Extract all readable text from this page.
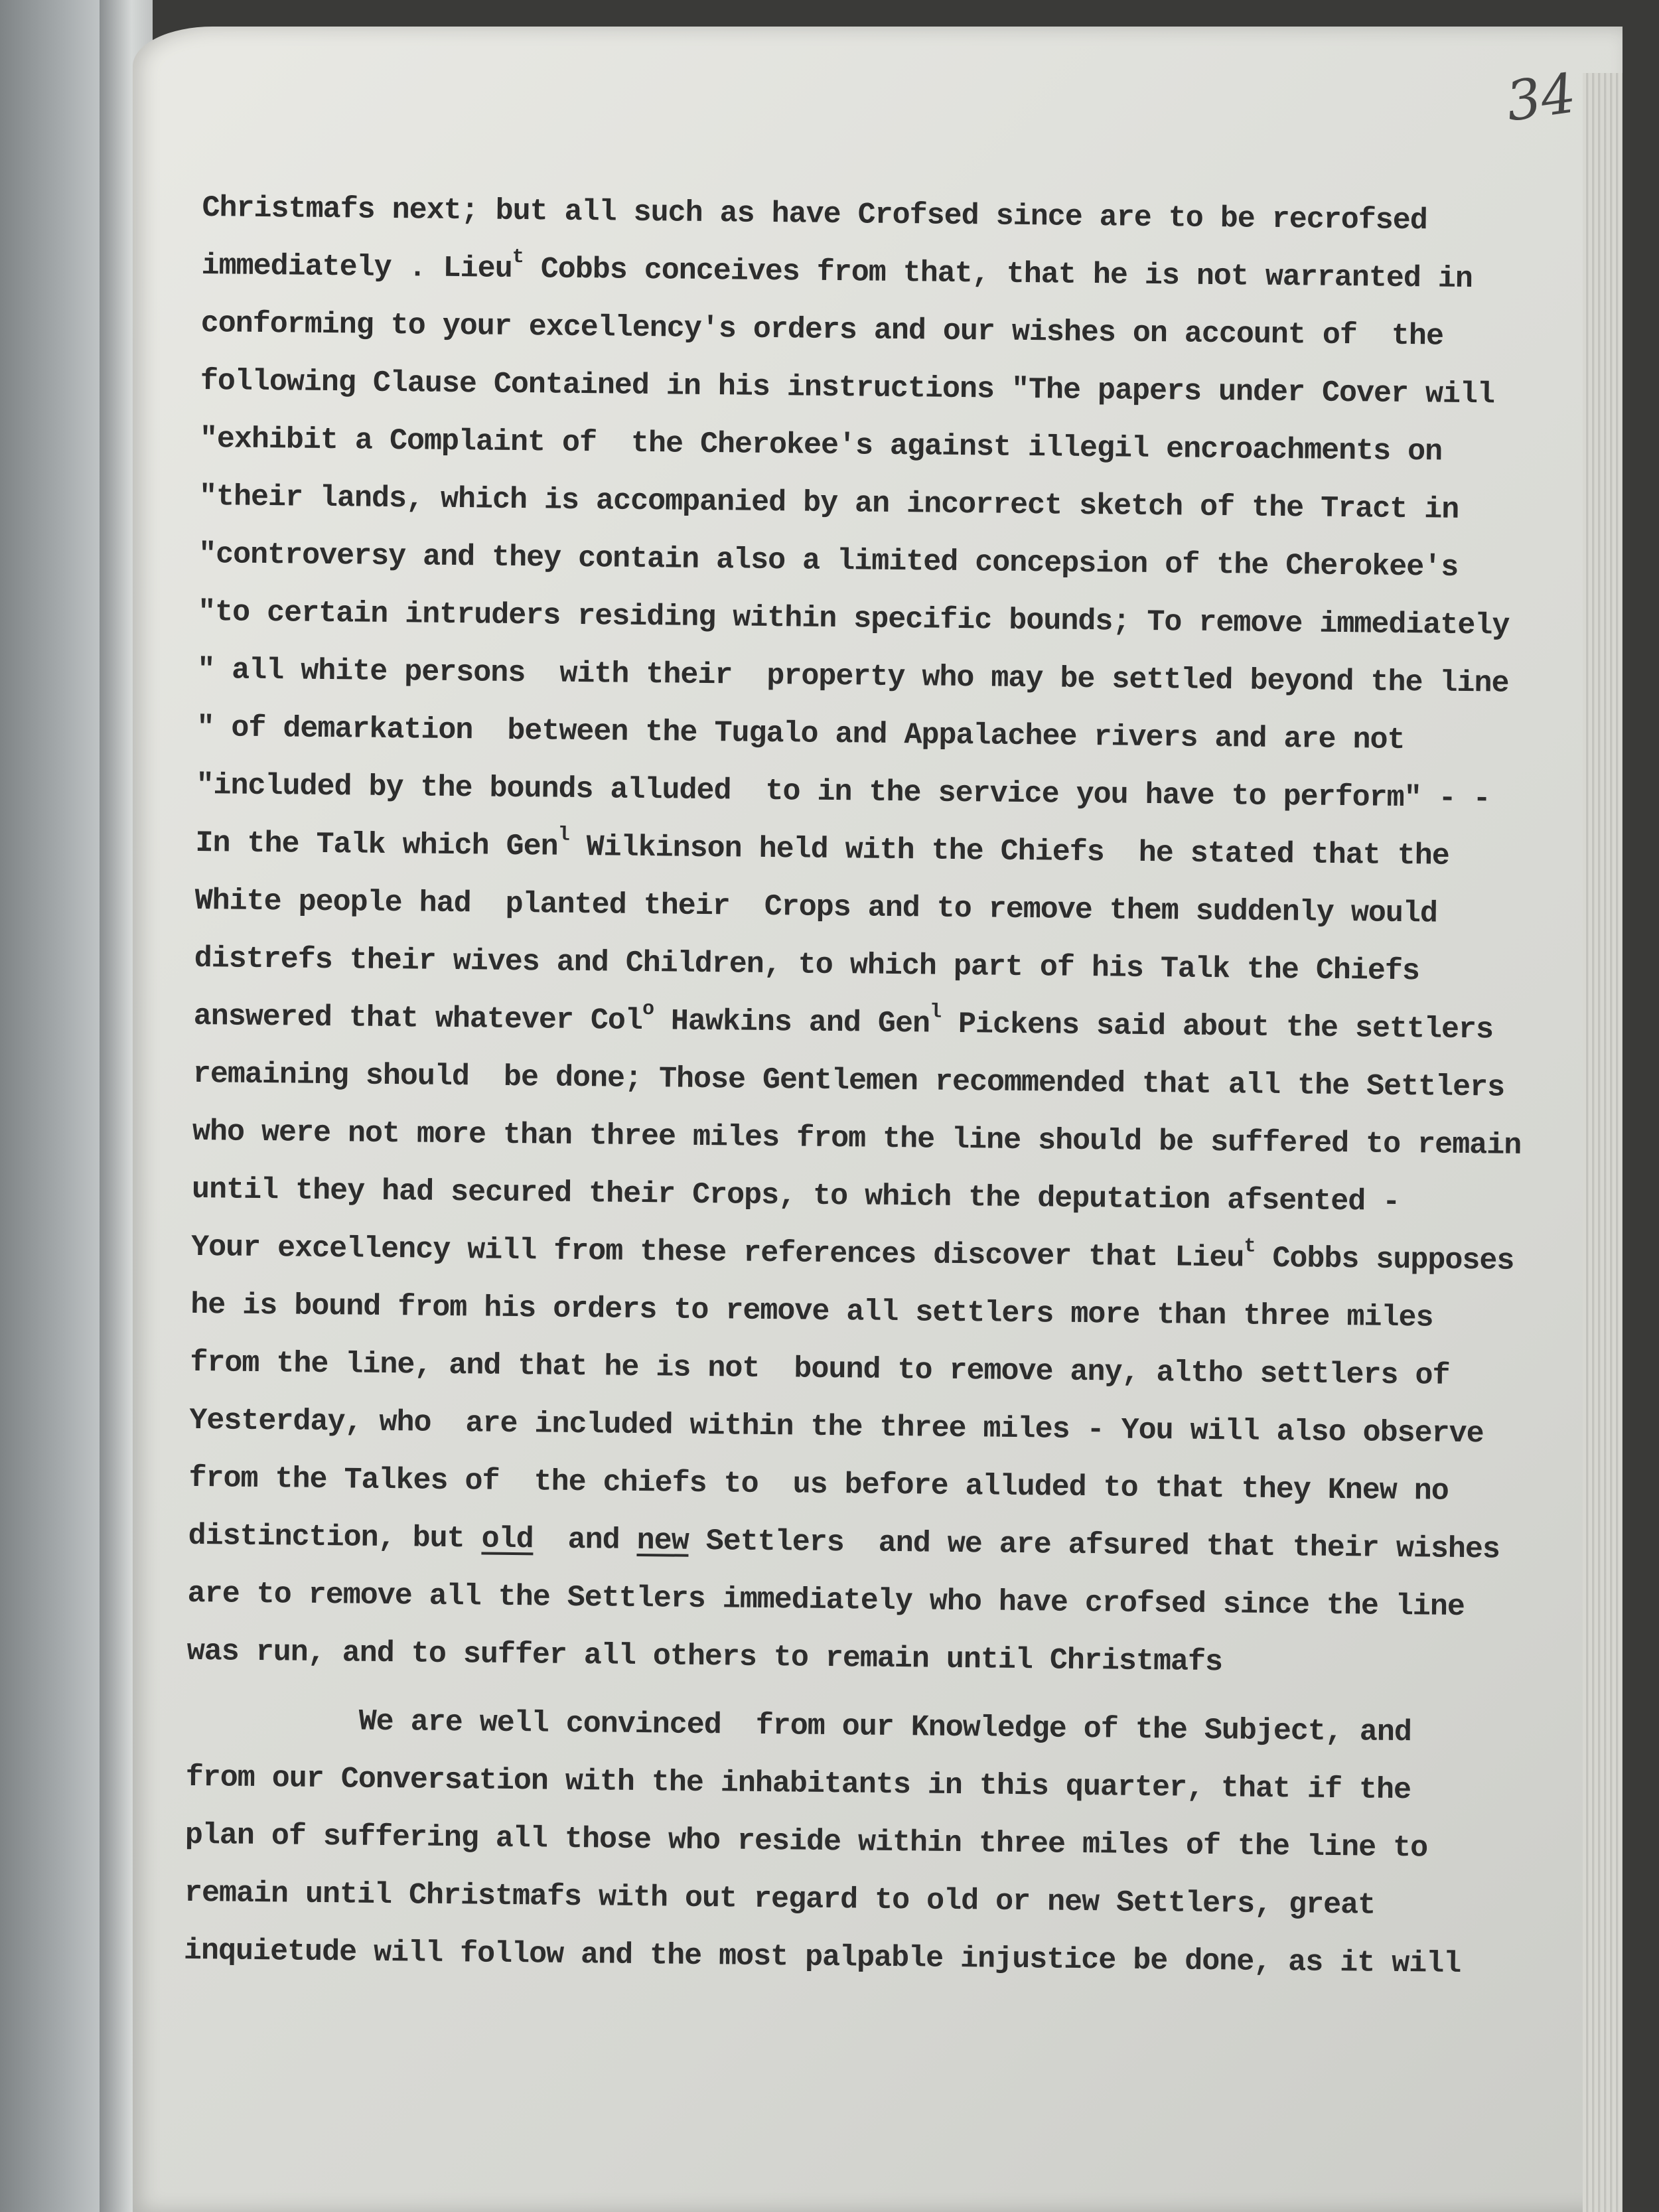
34
Christmafs next; but all such as have Crofsed since are to be recrofsed
immediately . Lieu$^t$ Cobbs conceives from that, that he is not warranted in
conforming to your excellency's orders and our wishes on account of  the
following Clause Contained in his instructions "The papers under Cover will
"exhibit a Complaint of  the Cherokee's against illegil encroachments on
"their lands, which is accompanied by an incorrect sketch of the Tract in
"controversy and they contain also a limited concepsion of the Cherokee's
"to certain intruders residing within specific bounds; To remove immediately
" all white persons  with their  property who may be settled beyond the line
" of demarkation  between the Tugalo and Appalachee rivers and are not
"included by the bounds alluded  to in the service you have to perform" - -
In the Talk which Gen$^l$ Wilkinson held with the Chiefs  he stated that the
White people had  planted their  Crops and to remove them suddenly would
distrefs their wives and Children, to which part of his Talk the Chiefs
answered that whatever Col$^o$ Hawkins and Gen$^l$ Pickens said about the settlers
remaining should  be done; Those Gentlemen recommended that all the Settlers
who were not more than three miles from the line should be suffered to remain
until they had secured their Crops, to which the deputation afsented -
Your excellency will from these references discover that Lieu$^t$ Cobbs supposes
he is bound from his orders to remove all settlers more than three miles
from the line, and that he is not  bound to remove any, altho settlers of
Yesterday, who  are included within the three miles - You will also observe
from the Talkes of  the chiefs to  us before alluded to that they Knew no
distinction, but old  and new Settlers  and we are afsured that their wishes
are to remove all the Settlers immediately who have crofsed since the line
was run, and to suffer all others to remain until Christmafs
We are well convinced  from our Knowledge of the Subject, and
from our Conversation with the inhabitants in this quarter, that if the
plan of suffering all those who reside within three miles of the line to
remain until Christmafs with out regard to old or new Settlers, great
inquietude will follow and the most palpable injustice be done, as it will
